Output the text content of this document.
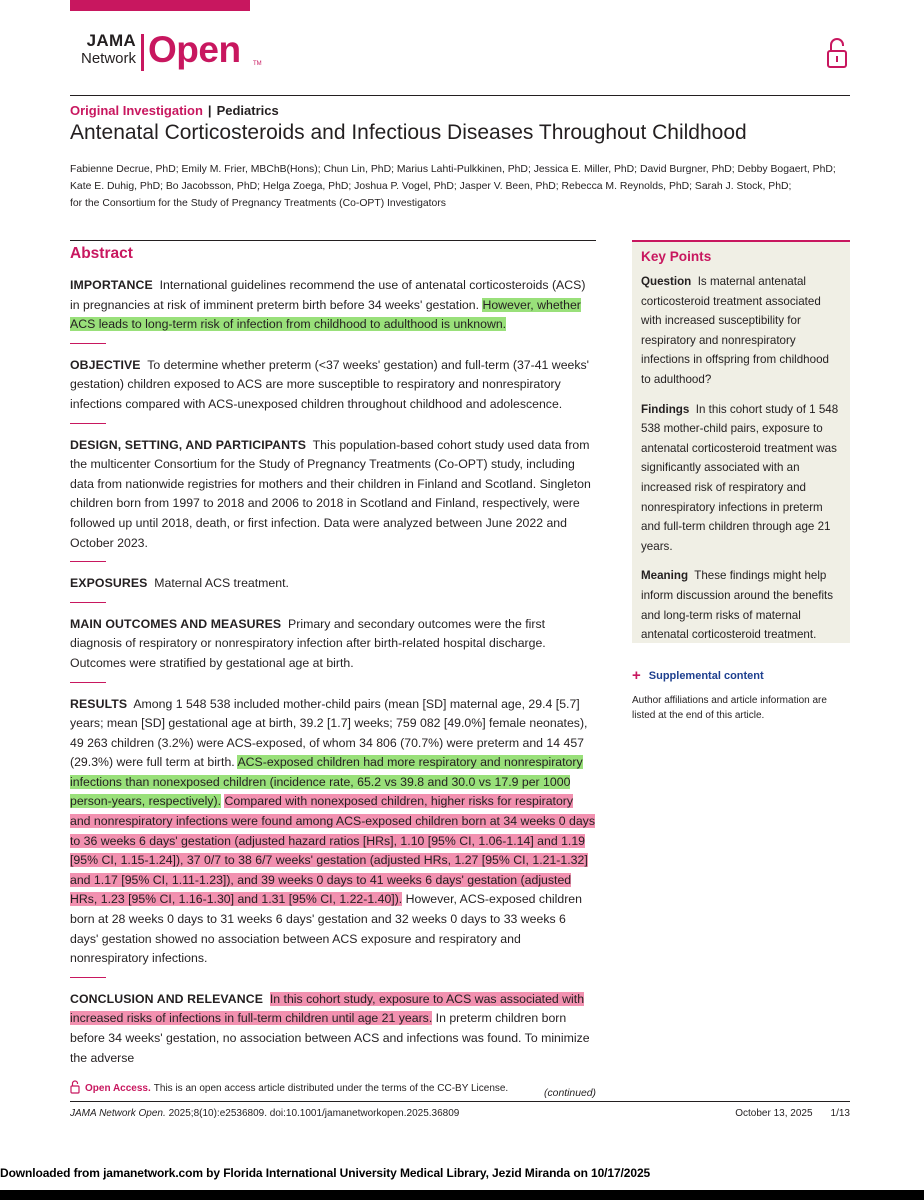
JAMA
Network Open TM
Original Investigation | Pediatrics
Antenatal Corticosteroids and Infectious Diseases Throughout Childhood
Fabienne Decrue, PhD; Emily M. Frier, MBChB(Hons); Chun Lin, PhD; Marius Lahti-Pulkkinen, PhD; Jessica E. Miller, PhD; David Burgner, PhD; Debby Bogaert, PhD;
Kate E. Duhig, PhD; Bo Jacobsson, PhD; Helga Zoega, PhD; Joshua P. Vogel, PhD; Jasper V. Been, PhD; Rebecca M. Reynolds, PhD; Sarah J. Stock, PhD;
for the Consortium for the Study of Pregnancy Treatments (Co-OPT) Investigators
Abstract
IMPORTANCE International guidelines recommend the use of antenatal corticosteroids (ACS) in pregnancies at risk of imminent preterm birth before 34 weeks' gestation. However, whether ACS leads to long-term risk of infection from childhood to adulthood is unknown.
OBJECTIVE To determine whether preterm (<37 weeks' gestation) and full-term (37-41 weeks' gestation) children exposed to ACS are more susceptible to respiratory and nonrespiratory infections compared with ACS-unexposed children throughout childhood and adolescence.
DESIGN, SETTING, AND PARTICIPANTS This population-based cohort study used data from the multicenter Consortium for the Study of Pregnancy Treatments (Co-OPT) study, including data from nationwide registries for mothers and their children in Finland and Scotland. Singleton children born from 1997 to 2018 and 2006 to 2018 in Scotland and Finland, respectively, were followed up until 2018, death, or first infection. Data were analyzed between June 2022 and October 2023.
EXPOSURES Maternal ACS treatment.
MAIN OUTCOMES AND MEASURES Primary and secondary outcomes were the first diagnosis of respiratory or nonrespiratory infection after birth-related hospital discharge. Outcomes were stratified by gestational age at birth.
RESULTS Among 1 548 538 included mother-child pairs (mean [SD] maternal age, 29.4 [5.7] years; mean [SD] gestational age at birth, 39.2 [1.7] weeks; 759 082 [49.0%] female neonates), 49 263 children (3.2%) were ACS-exposed, of whom 34 806 (70.7%) were preterm and 14 457 (29.3%) were full term at birth. ACS-exposed children had more respiratory and nonrespiratory infections than nonexposed children (incidence rate, 65.2 vs 39.8 and 30.0 vs 17.9 per 1000 person-years, respectively). Compared with nonexposed children, higher risks for respiratory and nonrespiratory infections were found among ACS-exposed children born at 34 weeks 0 days to 36 weeks 6 days' gestation (adjusted hazard ratios [HRs], 1.10 [95% CI, 1.06-1.14] and 1.19 [95% CI, 1.15-1.24]), 37 0/7 to 38 6/7 weeks' gestation (adjusted HRs, 1.27 [95% CI, 1.21-1.32] and 1.17 [95% CI, 1.11-1.23]), and 39 weeks 0 days to 41 weeks 6 days' gestation (adjusted HRs, 1.23 [95% CI, 1.16-1.30] and 1.31 [95% CI, 1.22-1.40]). However, ACS-exposed children born at 28 weeks 0 days to 31 weeks 6 days' gestation and 32 weeks 0 days to 33 weeks 6 days' gestation showed no association between ACS exposure and respiratory and nonrespiratory infections.
CONCLUSION AND RELEVANCE In this cohort study, exposure to ACS was associated with increased risks of infections in full-term children until age 21 years. In preterm children born before 34 weeks' gestation, no association between ACS and infections was found. To minimize the adverse
(continued)
Key Points

Question Is maternal antenatal corticosteroid treatment associated with increased susceptibility for respiratory and nonrespiratory infections in offspring from childhood to adulthood?

Findings In this cohort study of 1 548 538 mother-child pairs, exposure to antenatal corticosteroid treatment was significantly associated with an increased risk of respiratory and nonrespiratory infections in preterm and full-term children through age 21 years.

Meaning These findings might help inform discussion around the benefits and long-term risks of maternal antenatal corticosteroid treatment.

+ Supplemental content
Author affiliations and article information are listed at the end of this article.
Open Access. This is an open access article distributed under the terms of the CC-BY License.
JAMA Network Open. 2025;8(10):e2536809. doi:10.1001/jamanetworkopen.2025.36809	October 13, 2025 1/13
Downloaded from jamanetwork.com by Florida International University Medical Library, Jezid Miranda on 10/17/2025
